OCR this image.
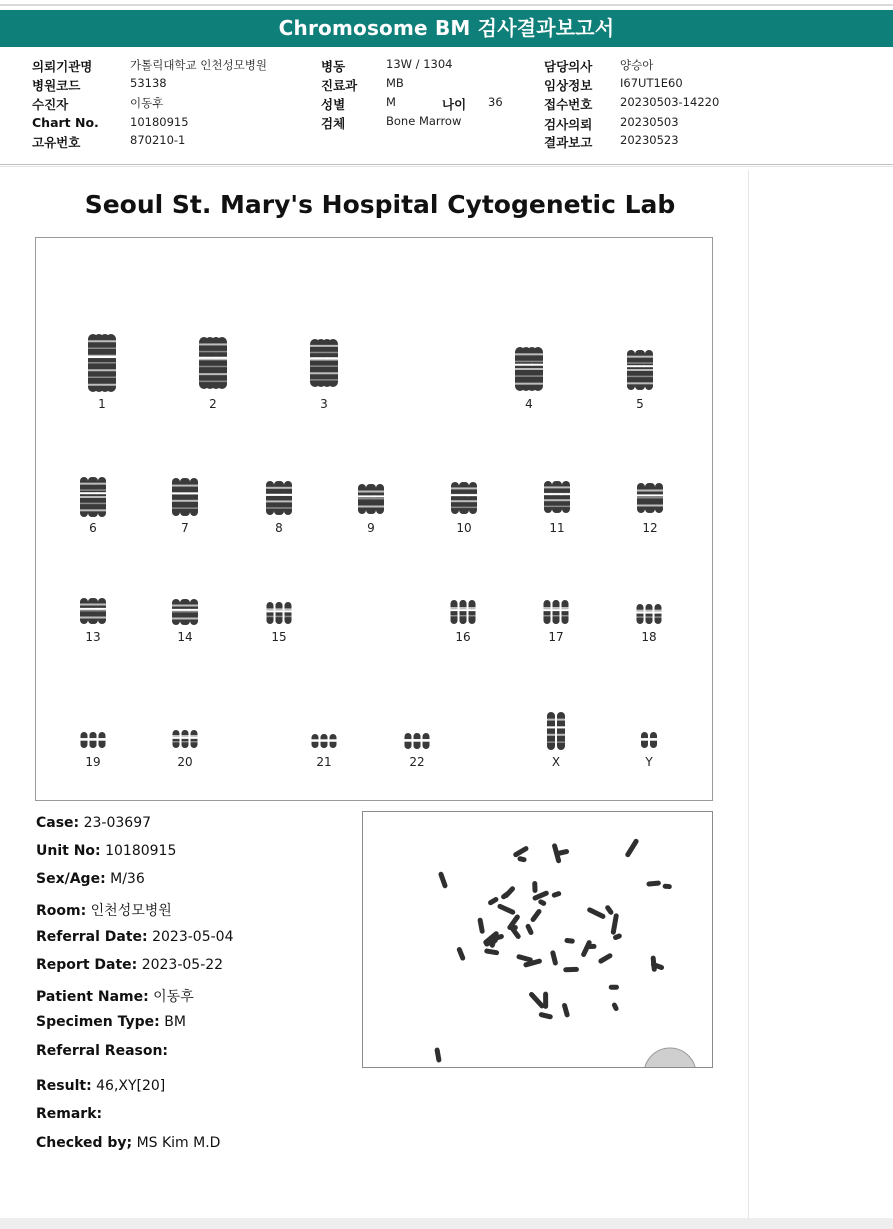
Chromosome BM 검사결과보고서
의뢰기관명	가톨릭대학교 인천성모병원
병원코드	53138
수진자	이동후
Chart No.	10180915
고유번호	870210-1
병동	13W / 1304
진료과	MB
성별	M	나이 36
검체	Bone Marrow
담당의사 양승아
임상정보 I67UT1E60
접수번호 20230503-14220
검사의뢰 20230503
결과보고 20230523
Seoul St. Mary's Hospital Cytogenetic Lab
1	2	3	4	5
6	7	8	9	10	11	12
13	14	15	16	17	18
19	20	21	22	X	Y
Case: 23-03697
Unit No: 10180915
Sex/Age: M/36
Room: 인천성모병원
Referral Date: 2023-05-04
Report Date: 2023-05-22
Patient Name: 이동후
Specimen Type: BM
Referral Reason:
Result: 46,XY[20]
Remark:
Checked by; MS Kim M.D
